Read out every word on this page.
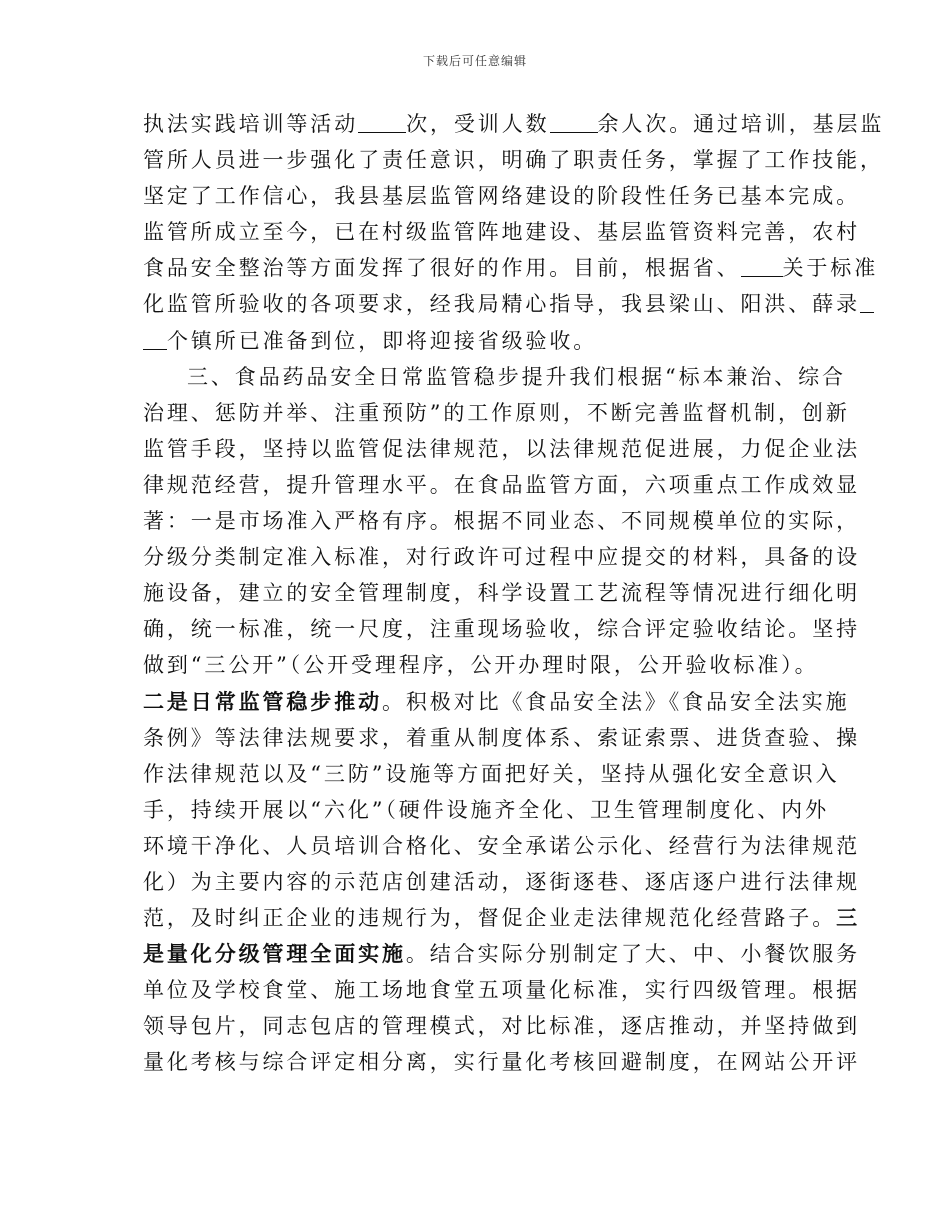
下载后可任意编辑
执法实践培训等活动 次，受训人数 余人次。通过培训，基层监
管所人员进一步强化了责任意识，明确了职责任务，掌握了工作技能，
坚定了工作信心，我县基层监管网络建设的阶段性任务已基本完成。
监管所成立至今，已在村级监管阵地建设、基层监管资料完善，农村
食品安全整治等方面发挥了很好的作用。目前，根据省、 关于标准
化监管所验收的各项要求，经我局精心指导，我县梁山、阳洪、薛录
个镇所已准备到位，即将迎接省级验收。
三、食品药品安全日常监管稳步提升我们根据“标本兼治、综合
治理、惩防并举、注重预防”的工作原则，不断完善监督机制，创新
监管手段，坚持以监管促法律规范，以法律规范促进展，力促企业法
律规范经营，提升管理水平。在食品监管方面，六项重点工作成效显
著：一是市场准入严格有序。根据不同业态、不同规模单位的实际，
分级分类制定准入标准，对行政许可过程中应提交的材料，具备的设
施设备，建立的安全管理制度，科学设置工艺流程等情况进行细化明
确，统一标准，统一尺度，注重现场验收，综合评定验收结论。坚持
做到“三公开”（公开受理程序，公开办理时限，公开验收标准）。
二是日常监管稳步推动。积极对比《食品安全法》《食品安全法实施
条例》等法律法规要求，着重从制度体系、索证索票、进货查验、操
作法律规范以及“三防”设施等方面把好关，坚持从强化安全意识入
手，持续开展以“六化”（硬件设施齐全化、卫生管理制度化、内外
环境干净化、人员培训合格化、安全承诺公示化、经营行为法律规范
化）为主要内容的示范店创建活动，逐街逐巷、逐店逐户进行法律规
范，及时纠正企业的违规行为，督促企业走法律规范化经营路子。三
是量化分级管理全面实施。结合实际分别制定了大、中、小餐饮服务
单位及学校食堂、施工场地食堂五项量化标准，实行四级管理。根据
领导包片，同志包店的管理模式，对比标准，逐店推动，并坚持做到
量化考核与综合评定相分离，实行量化考核回避制度，在网站公开评
